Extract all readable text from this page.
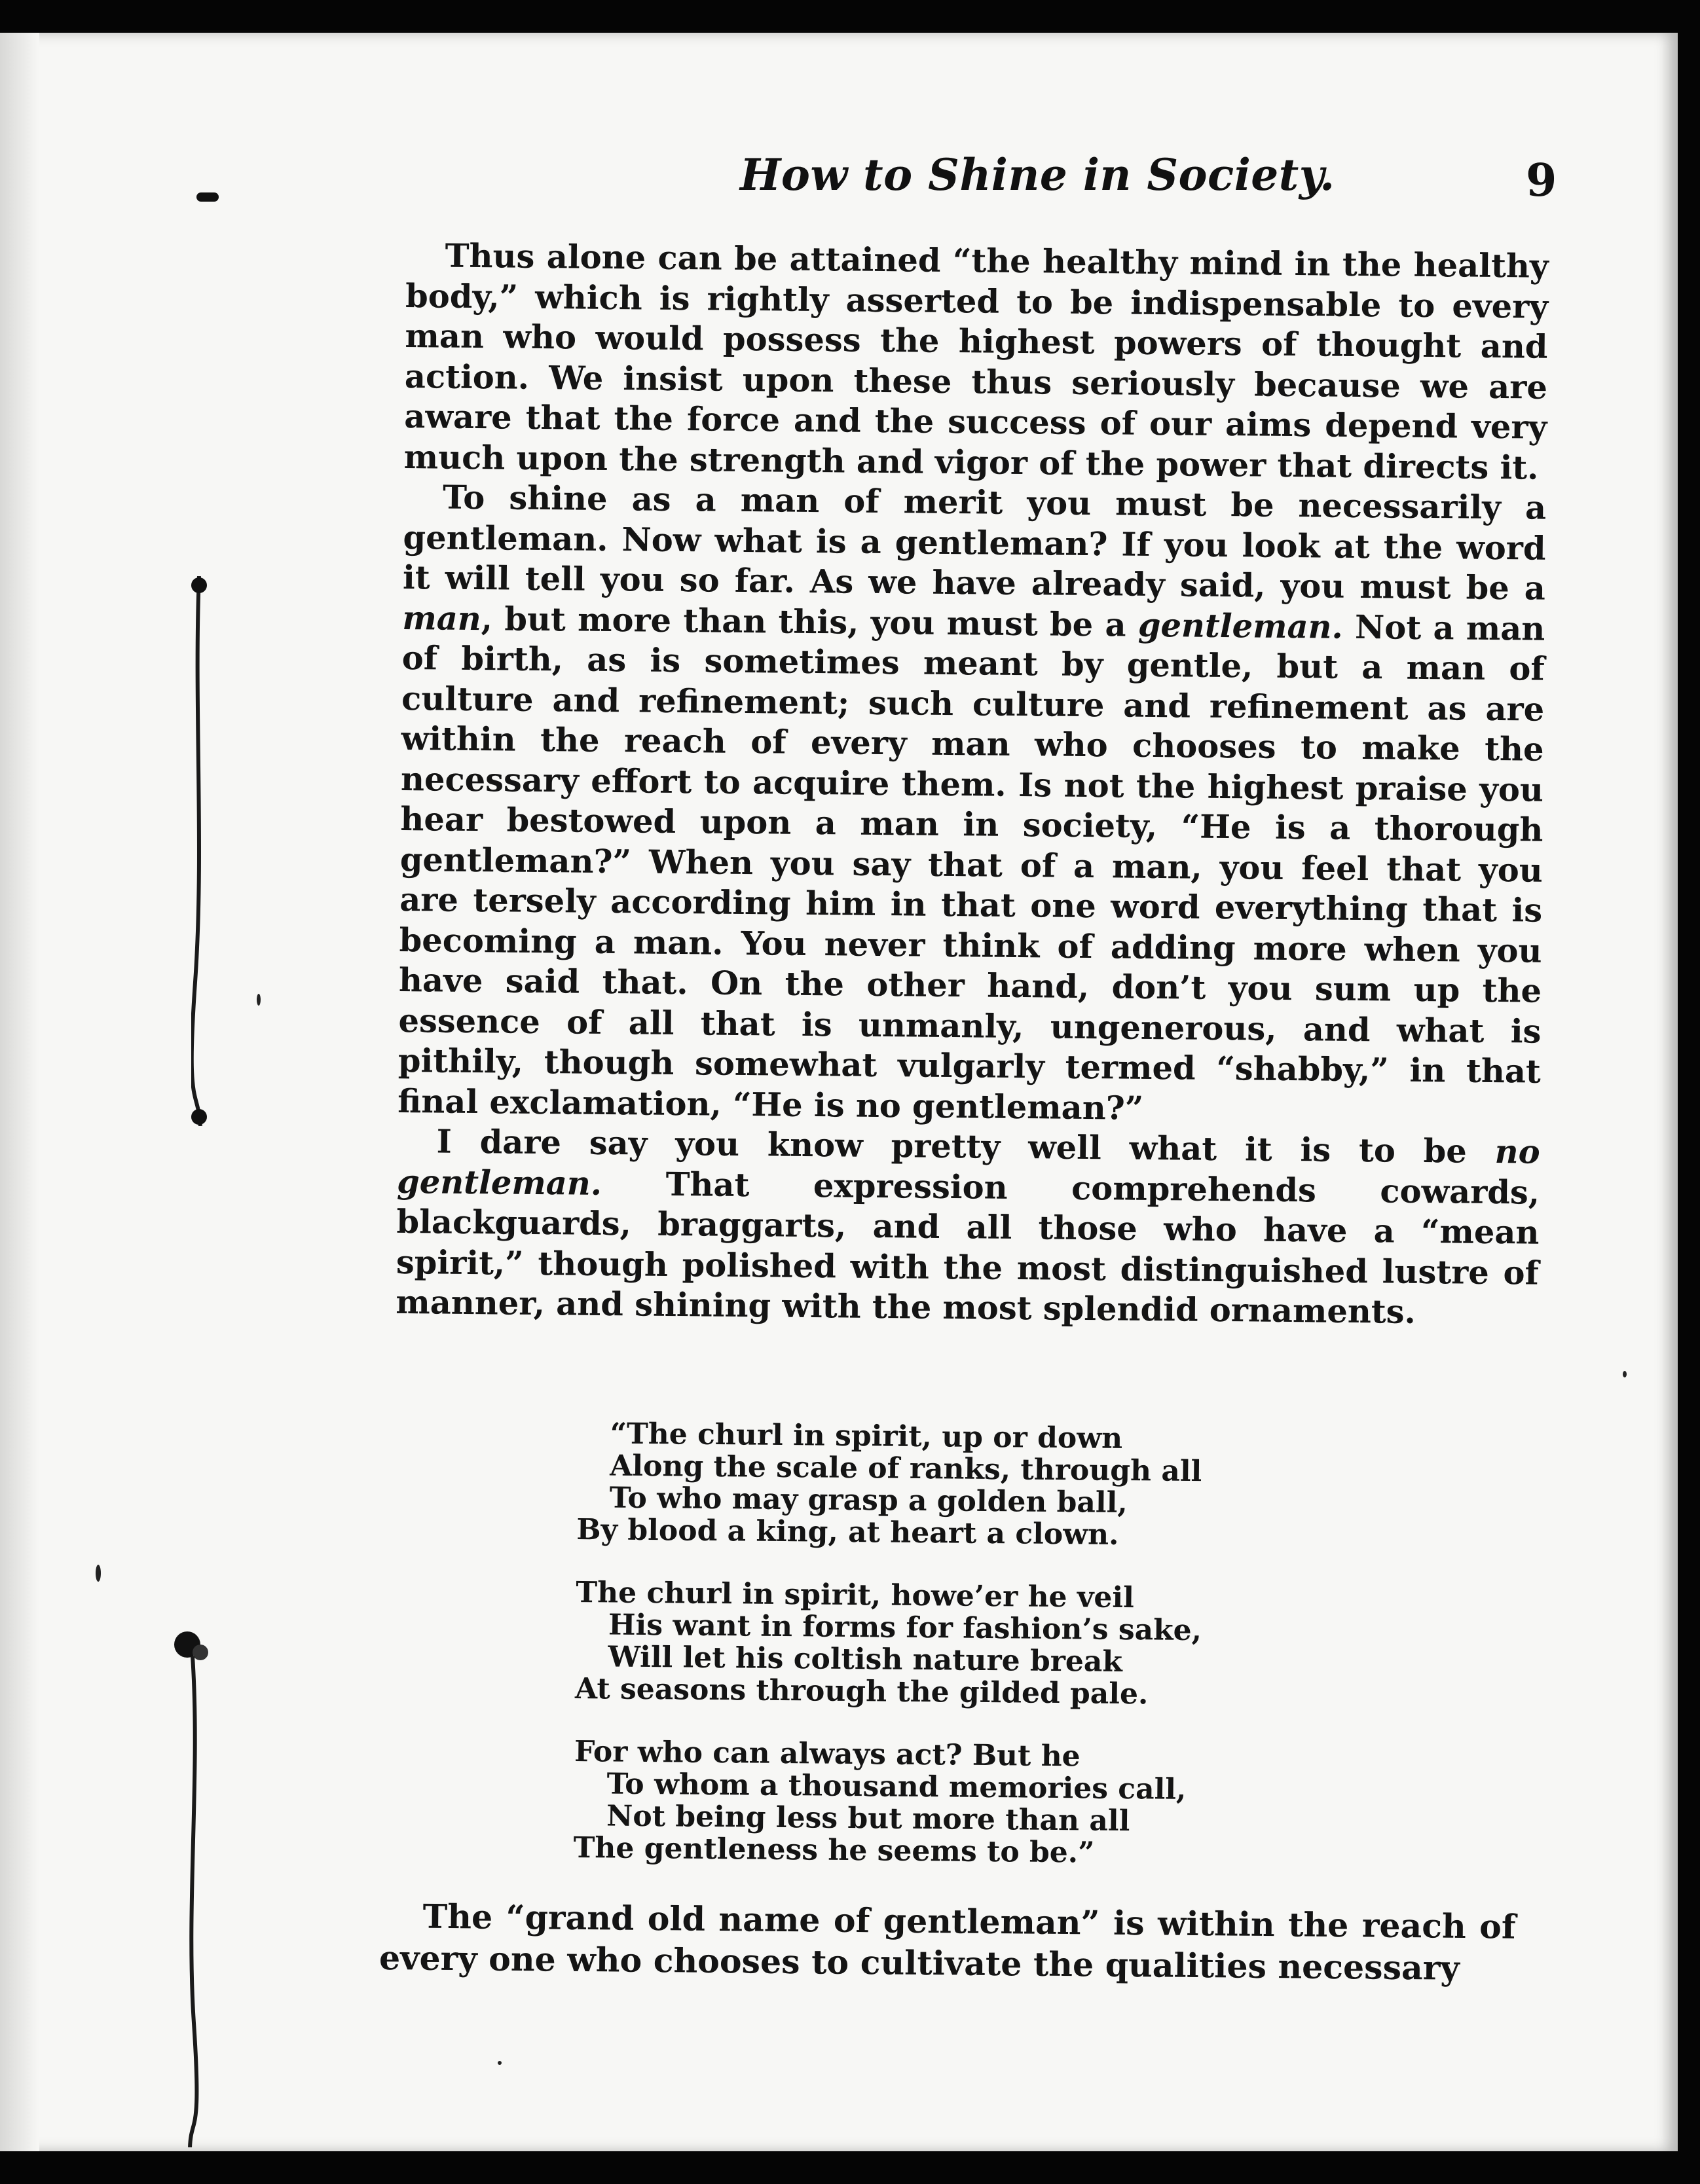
How to Shine in Society.	9

Thus alone can be attained “the healthy mind in the healthy body,” which is rightly asserted to be indispensable to every man who would possess the highest powers of thought and action. We insist upon these thus seriously because we are aware that the force and the success of our aims depend very much upon the strength and vigor of the power that directs it.

To shine as a man of merit you must be necessarily a gentleman. Now what is a gentleman? If you look at the word it will tell you so far. As we have already said, you must be a man, but more than this, you must be a gentleman. Not a man of birth, as is sometimes meant by gentle, but a man of culture and refinement; such culture and refinement as are within the reach of every man who chooses to make the necessary effort to acquire them. Is not the highest praise you hear bestowed upon a man in society, “He is a thorough gentleman?” When you say that of a man, you feel that you are tersely according him in that one word everything that is becoming a man. You never think of adding more when you have said that. On the other hand, don’t you sum up the essence of all that is unmanly, ungenerous, and what is pithily, though somewhat vulgarly termed “shabby,” in that final exclamation, “He is no gentleman?”

I dare say you know pretty well what it is to be no gentleman. That expression comprehends cowards, blackguards, braggarts, and all those who have a “mean spirit,” though polished with the most distinguished lustre of manner, and shining with the most splendid ornaments.

“The churl in spirit, up or down
Along the scale of ranks, through all
To who may grasp a golden ball,
By blood a king, at heart a clown.
The churl in spirit, howe’er he veil
His want in forms for fashion’s sake,
Will let his coltish nature break
At seasons through the gilded pale.
For who can always act? But he
To whom a thousand memories call,
Not being less but more than all
The gentleness he seems to be.”
The “grand old name of gentleman” is within the reach of every one who chooses to cultivate the qualities necessary
